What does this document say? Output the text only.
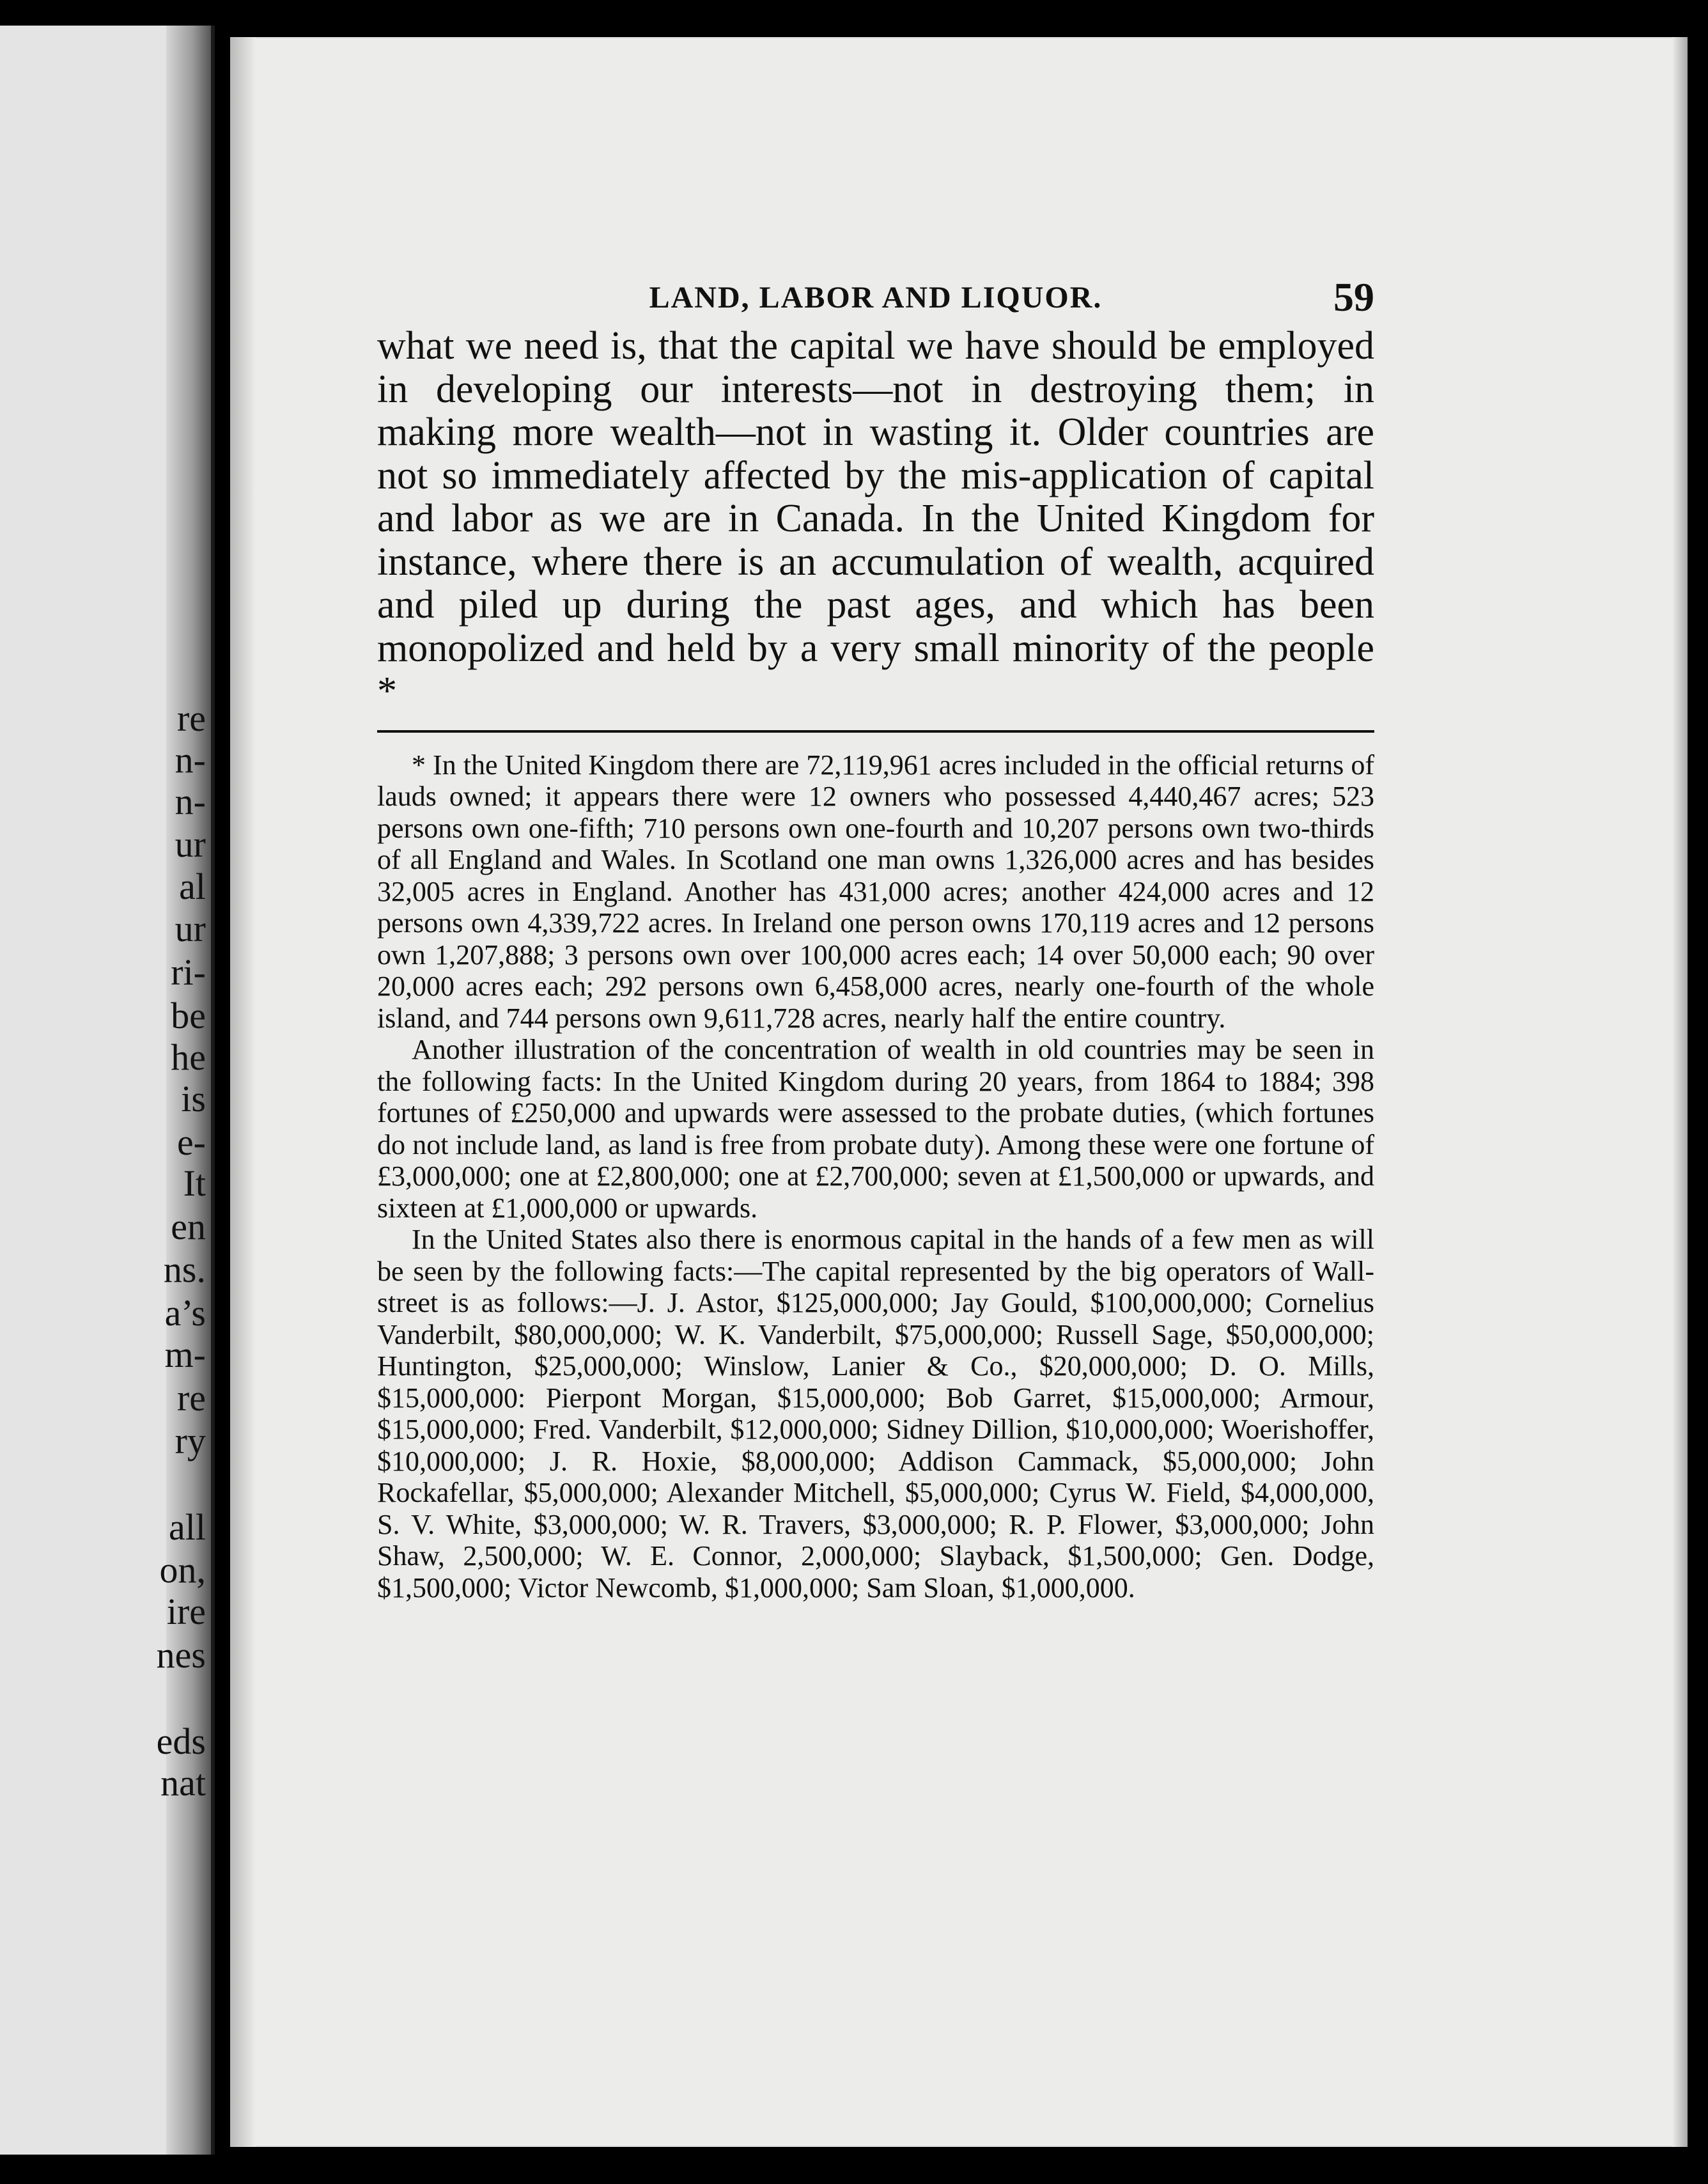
re
n-
n-
ur
al
ur
ri-
be
he
is
e-
It
en
ns.
a’s
m-
re
ry
all
on,
ire
nes
eds
nat
LAND, LABOR AND LIQUOR.	59

what we need is, that the capital we have should be employed in developing our interests—not in destroying them; in making more wealth—not in wasting it. Older countries are not so immediately affected by the mis-application of capital and labor as we are in Canada. In the United Kingdom for instance, where there is an accumulation of wealth, acquired and piled up during the past ages, and which has been monopolized and held by a very small minority of the people *

* In the United Kingdom there are 72,119,961 acres included in the official returns of lauds owned; it appears there were 12 owners who possessed 4,440,467 acres; 523 persons own one-fifth; 710 persons own one-fourth and 10,207 persons own two-thirds of all England and Wales. In Scotland one man owns 1,326,000 acres and has besides 32,005 acres in England. Another has 431,000 acres; another 424,000 acres and 12 persons own 4,339,722 acres. In Ireland one person owns 170,119 acres and 12 persons own 1,207,888; 3 persons own over 100,000 acres each; 14 over 50,000 each; 90 over 20,000 acres each; 292 persons own 6,458,000 acres, nearly one-fourth of the whole island, and 744 persons own 9,611,728 acres, nearly half the entire country.

Another illustration of the concentration of wealth in old countries may be seen in the following facts: In the United Kingdom during 20 years, from 1864 to 1884; 398 fortunes of £250,000 and upwards were assessed to the probate duties, (which fortunes do not include land, as land is free from probate duty). Among these were one fortune of £3,000,000; one at £2,800,000; one at £2,700,000; seven at £1,500,000 or upwards, and sixteen at £1,000,000 or upwards.

In the United States also there is enormous capital in the hands of a few men as will be seen by the following facts:—The capital represented by the big operators of Wall-street is as follows:—J. J. Astor, $125,000,000; Jay Gould, $100,000,000; Cornelius Vanderbilt, $80,000,000; W. K. Vanderbilt, $75,000,000; Russell Sage, $50,000,000; Huntington, $25,000,000; Winslow, Lanier & Co., $20,000,000; D. O. Mills, $15,000,000: Pierpont Morgan, $15,000,000; Bob Garret, $15,000,000; Armour, $15,000,000; Fred. Vanderbilt, $12,000,000; Sidney Dillion, $10,000,000; Woerishoffer, $10,000,000; J. R. Hoxie, $8,000,000; Addison Cammack, $5,000,000; John Rockafellar, $5,000,000; Alexander Mitchell, $5,000,000; Cyrus W. Field, $4,000,000, S. V. White, $3,000,000; W. R. Travers, $3,000,000; R. P. Flower, $3,000,000; John Shaw, 2,500,000; W. E. Connor, 2,000,000; Slayback, $1,500,000; Gen. Dodge, $1,500,000; Victor Newcomb, $1,000,000; Sam Sloan, $1,000,000.
